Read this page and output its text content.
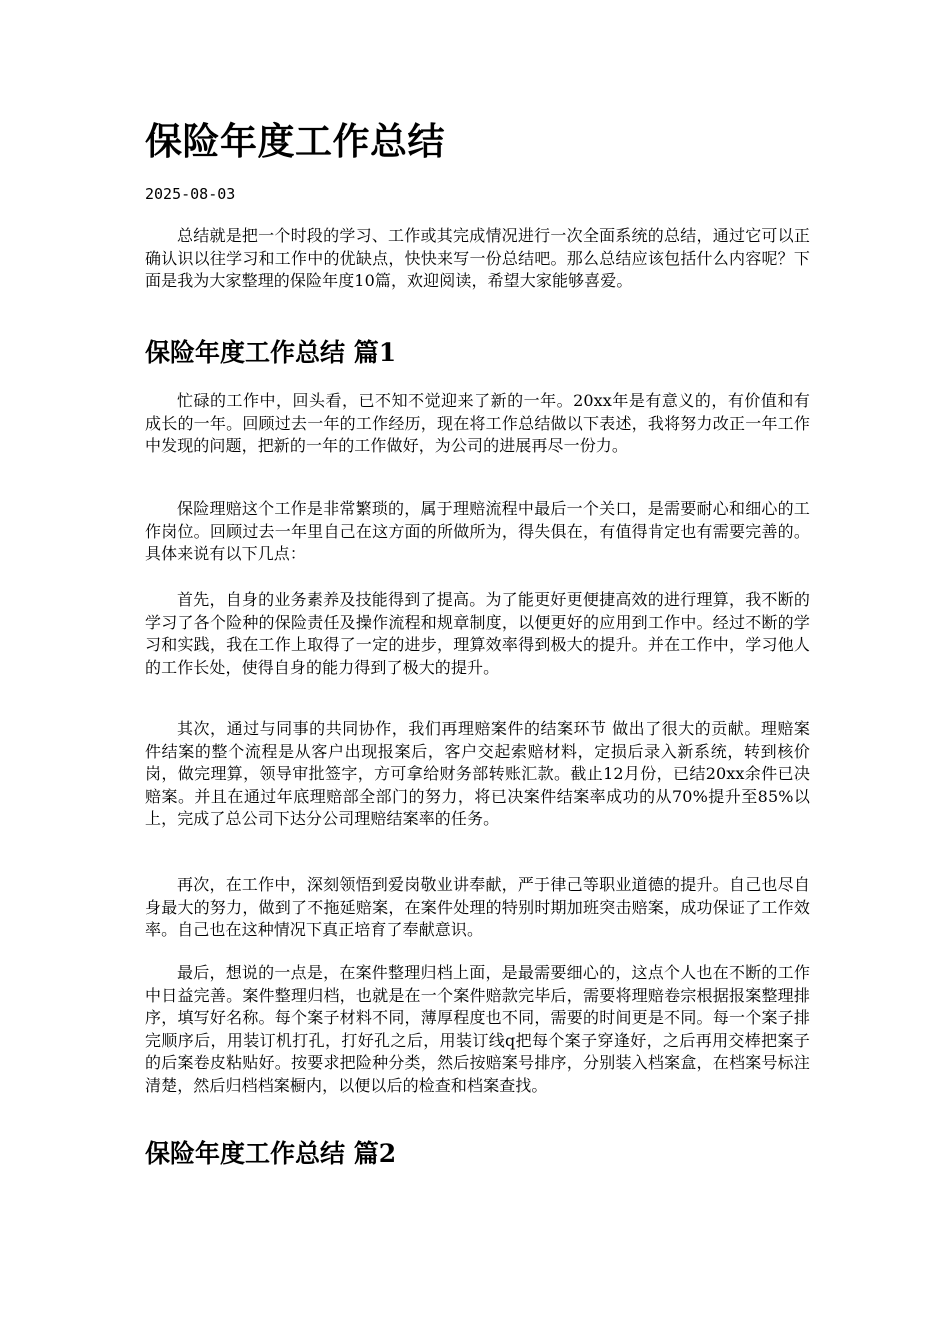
保险年度工作总结
2025-08-03

总结就是把一个时段的学习、工作或其完成情况进行一次全面系统的总结，通过它可以正确认识以往学习和工作中的优缺点，快快来写一份总结吧。那么总结应该包括什么内容呢？下面是我为大家整理的保险年度10篇，欢迎阅读，希望大家能够喜爱。

保险年度工作总结 篇1

忙碌的工作中，回头看，已不知不觉迎来了新的一年。20xx年是有意义的，有价值和有成长的一年。回顾过去一年的工作经历，现在将工作总结做以下表述，我将努力改正一年工作中发现的问题，把新的一年的工作做好，为公司的进展再尽一份力。

保险理赔这个工作是非常繁琐的，属于理赔流程中最后一个关口，是需要耐心和细心的工作岗位。回顾过去一年里自己在这方面的所做所为，得失俱在，有值得肯定也有需要完善的。具体来说有以下几点：

首先，自身的业务素养及技能得到了提高。为了能更好更便捷高效的进行理算，我不断的学习了各个险种的保险责任及操作流程和规章制度，以便更好的应用到工作中。经过不断的学习和实践，我在工作上取得了一定的进步，理算效率得到极大的提升。并在工作中，学习他人的工作长处，使得自身的能力得到了极大的提升。

其次，通过与同事的共同协作，我们再理赔案件的结案环节 做出了很大的贡献。理赔案件结案的整个流程是从客户出现报案后，客户交起索赔材料，定损后录入新系统，转到核价岗，做完理算，领导审批签字，方可拿给财务部转账汇款。截止12月份，已结20xx余件已决赔案。并且在通过年底理赔部全部门的努力，将已决案件结案率成功的从70%提升至85%以上，完成了总公司下达分公司理赔结案率的任务。

再次，在工作中，深刻领悟到爱岗敬业讲奉献，严于律己等职业道德的提升。自己也尽自身最大的努力，做到了不拖延赔案，在案件处理的特别时期加班突击赔案，成功保证了工作效率。自己也在这种情况下真正培育了奉献意识。

最后，想说的一点是，在案件整理归档上面，是最需要细心的，这点个人也在不断的工作中日益完善。案件整理归档，也就是在一个案件赔款完毕后，需要将理赔卷宗根据报案整理排序，填写好名称。每个案子材料不同，薄厚程度也不同，需要的时间更是不同。每一个案子排完顺序后，用装订机打孔，打好孔之后，用装订线q把每个案子穿逢好，之后再用交棒把案子的后案卷皮粘贴好。按要求把险种分类，然后按赔案号排序，分别装入档案盒，在档案号标注清楚，然后归档档案橱内，以便以后的检查和档案查找。

保险年度工作总结 篇2
